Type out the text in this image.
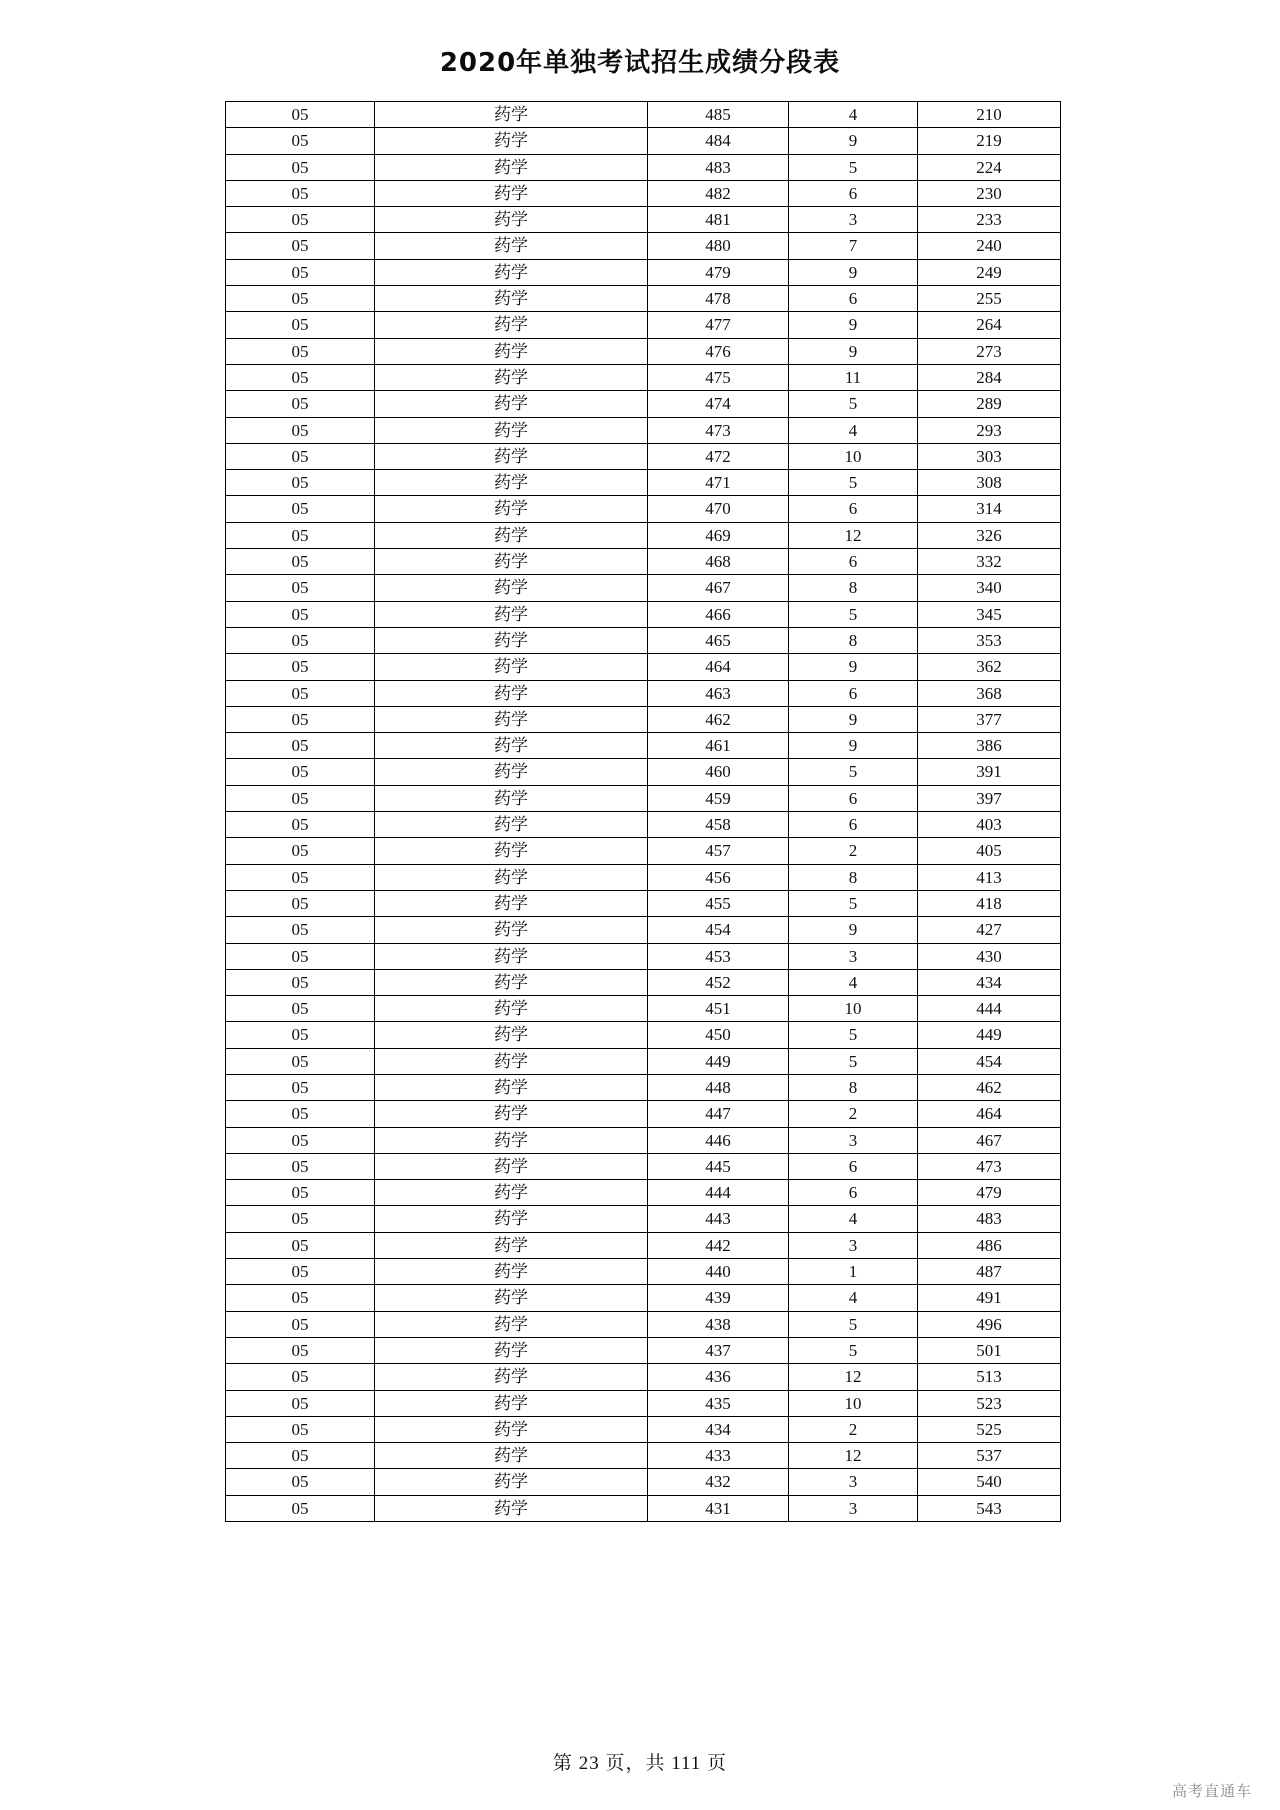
2020年单独考试招生成绩分段表
05	药学	485	4	210
05	药学	484	9	219
05	药学	483	5	224
05	药学	482	6	230
05	药学	481	3	233
05	药学	480	7	240
05	药学	479	9	249
05	药学	478	6	255
05	药学	477	9	264
05	药学	476	9	273
05	药学	475	11	284
05	药学	474	5	289
05	药学	473	4	293
05	药学	472	10	303
05	药学	471	5	308
05	药学	470	6	314
05	药学	469	12	326
05	药学	468	6	332
05	药学	467	8	340
05	药学	466	5	345
05	药学	465	8	353
05	药学	464	9	362
05	药学	463	6	368
05	药学	462	9	377
05	药学	461	9	386
05	药学	460	5	391
05	药学	459	6	397
05	药学	458	6	403
05	药学	457	2	405
05	药学	456	8	413
05	药学	455	5	418
05	药学	454	9	427
05	药学	453	3	430
05	药学	452	4	434
05	药学	451	10	444
05	药学	450	5	449
05	药学	449	5	454
05	药学	448	8	462
05	药学	447	2	464
05	药学	446	3	467
05	药学	445	6	473
05	药学	444	6	479
05	药学	443	4	483
05	药学	442	3	486
05	药学	440	1	487
05	药学	439	4	491
05	药学	438	5	496
05	药学	437	5	501
05	药学	436	12	513
05	药学	435	10	523
05	药学	434	2	525
05	药学	433	12	537
05	药学	432	3	540
05	药学	431	3	543
第 23 页，共 111 页
高考直通车
